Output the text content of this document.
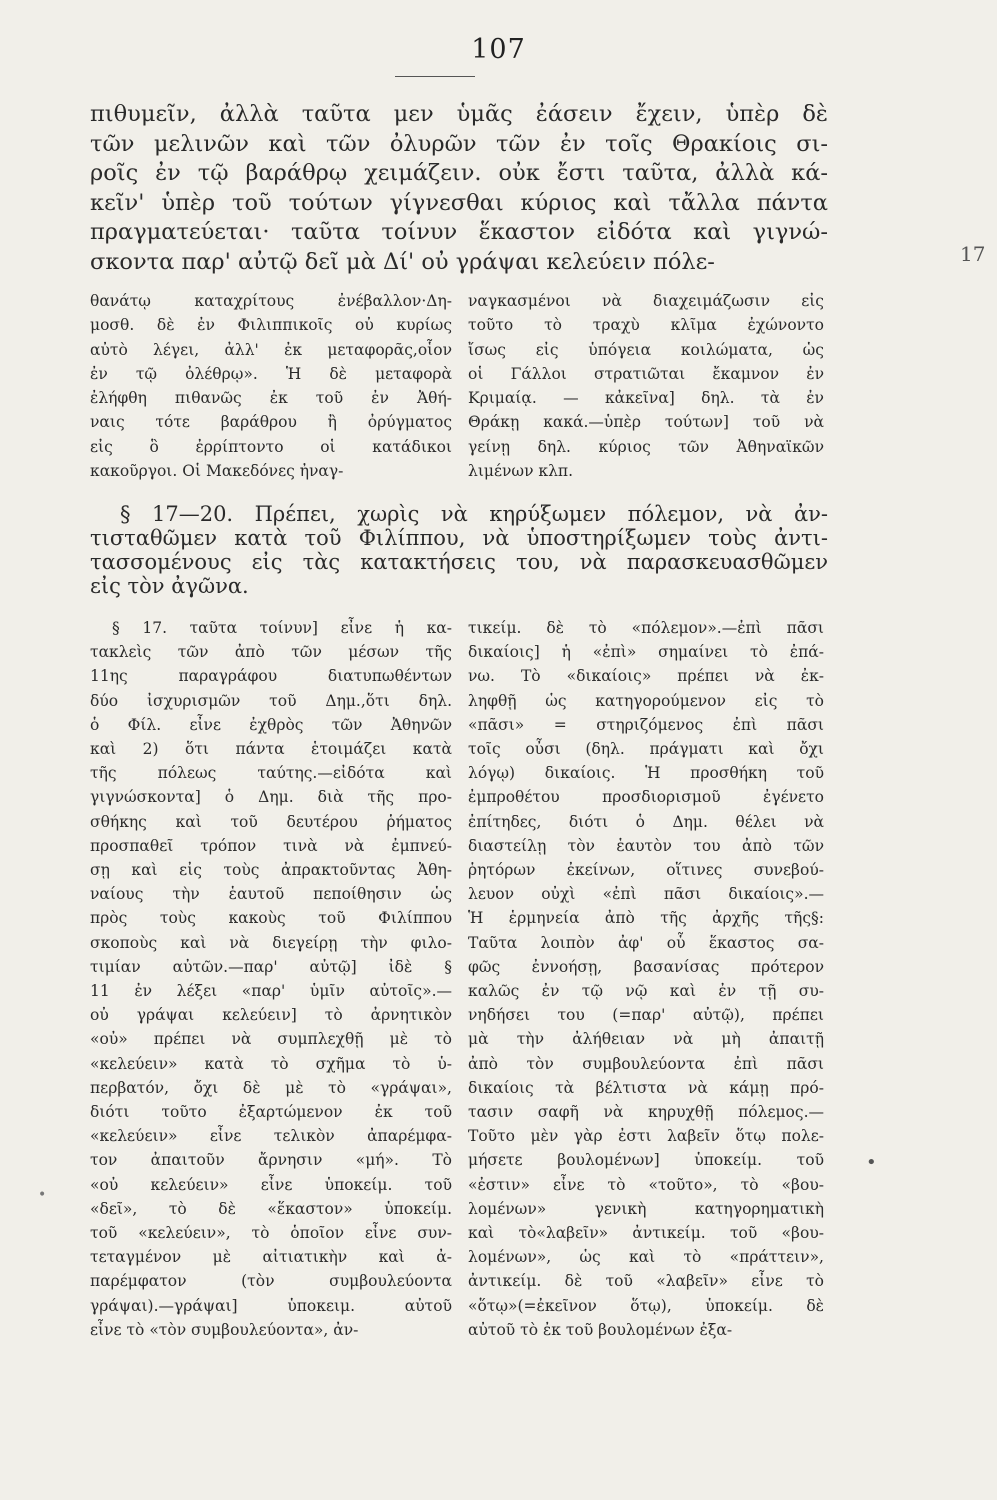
107
17
πιθυμεῖν, ἀλλὰ ταῦτα μεν ὑμᾶς ἐάσειν ἔχειν, ὑπὲρ δὲ
τῶν μελινῶν καὶ τῶν ὀλυρῶν τῶν ἐν τοῖς Θρακίοις σι-
ροῖς ἐν τῷ βαράθρῳ χειμάζειν. οὐκ ἔστι ταῦτα, ἀλλὰ κά-
κεῖν' ὑπὲρ τοῦ τούτων γίγνεσθαι κύριος καὶ τἄλλα πάντα
πραγματεύεται· ταῦτα τοίνυν ἕκαστον εἰδότα καὶ γιγνώ-
σκοντα παρ' αὐτῷ δεῖ μὰ Δί' οὐ γράψαι κελεύειν πόλε-
θανάτῳ καταχρίτους ἐνέβαλλον·Δη-
μοσθ. δὲ ἐν Φιλιππικοῖς οὐ κυρίως
αὐτὸ λέγει, ἀλλ' ἐκ μεταφορᾶς,οἷον
ἐν τῷ ὀλέθρῳ». Ἡ δὲ μεταφορὰ
ἐλήφθη πιθανῶς ἐκ τοῦ ἐν Ἀθή-
ναις τότε βαράθρου ἢ ὀρύγματος
εἰς ὃ ἐρρίπτοντο οἱ κατάδικοι
κακοῦργοι. Οἱ Μακεδόνες ἠναγ-
ναγκασμένοι νὰ διαχειμάζωσιν εἰς
τοῦτο τὸ τραχὺ κλῖμα ἐχώνοντο
ἴσως εἰς ὑπόγεια κοιλώματα, ὡς
οἱ Γάλλοι στρατιῶται ἔκαμνον ἐν
Κριμαίᾳ. — κἀκεῖνα] δηλ. τὰ ἐν
Θράκῃ κακά.—ὑπὲρ τούτων] τοῦ νὰ
γείνῃ δηλ. κύριος τῶν Ἀθηναϊκῶν
λιμένων κλπ.
§ 17—20. Πρέπει, χωρὶς νὰ κηρύξωμεν πόλεμον, νὰ ἀν-
τισταθῶμεν κατὰ τοῦ Φιλίππου, νὰ ὑποστηρίξωμεν τοὺς ἀντι-
τασσομένους εἰς τὰς κατακτήσεις του, νὰ παρασκευασθῶμεν
εἰς τὸν ἀγῶνα.
§ 17. ταῦτα τοίνυν] εἶνε ἡ κα-
τακλεὶς τῶν ἀπὸ τῶν μέσων τῆς
11ης παραγράφου διατυπωθέντων
δύο ἰσχυρισμῶν τοῦ Δημ.,ὅτι δηλ.
ὁ Φίλ. εἶνε ἐχθρὸς τῶν Ἀθηνῶν
καὶ 2) ὅτι πάντα ἑτοιμάζει κατὰ
τῆς πόλεως ταύτης.—εἰδότα καὶ
γιγνώσκοντα] ὁ Δημ. διὰ τῆς προ-
σθήκης καὶ τοῦ δευτέρου ῥήματος
προσπαθεῖ τρόπον τινὰ νὰ ἐμπνεύ-
σῃ καὶ εἰς τοὺς ἀπρακτοῦντας Ἀθη-
ναίους τὴν ἑαυτοῦ πεποίθησιν ὡς
πρὸς τοὺς κακοὺς τοῦ Φιλίππου
σκοποὺς καὶ νὰ διεγείρῃ τὴν φιλο-
τιμίαν αὐτῶν.—παρ' αὐτῷ] ἰδὲ §
11 ἐν λέξει «παρ' ὑμῖν αὐτοῖς».—
οὐ γράψαι κελεύειν] τὸ ἀρνητικὸν
«οὐ» πρέπει νὰ συμπλεχθῇ μὲ τὸ
«κελεύειν» κατὰ τὸ σχῆμα τὸ ὑ-
περβατόν, ὄχι δὲ μὲ τὸ «γράψαι»,
διότι τοῦτο ἐξαρτώμενον ἐκ τοῦ
«κελεύειν» εἶνε τελικὸν ἀπαρέμφα-
τον ἀπαιτοῦν ἄρνησιν «μή». Τὸ
«οὐ κελεύειν» εἶνε ὑποκείμ. τοῦ
«δεῖ», τὸ δὲ «ἕκαστον» ὑποκείμ.
τοῦ «κελεύειν», τὸ ὁποῖον εἶνε συν-
τεταγμένον μὲ αἰτιατικὴν καὶ ἀ-
παρέμφατον (τὸν συμβουλεύοντα
γράψαι).—γράψαι] ὑποκειμ. αὐτοῦ
εἶνε τὸ «τὸν συμβουλεύοντα», ἀν-
τικείμ. δὲ τὸ «πόλεμον».—ἐπὶ πᾶσι
δικαίοις] ἡ «ἐπὶ» σημαίνει τὸ ἐπά-
νω. Τὸ «δικαίοις» πρέπει νὰ ἐκ-
ληφθῇ ὡς κατηγορούμενον εἰς τὸ
«πᾶσι» = στηριζόμενος ἐπὶ πᾶσι
τοῖς οὖσι (δηλ. πράγματι καὶ ὄχι
λόγῳ) δικαίοις. Ἡ προσθήκη τοῦ
ἐμπροθέτου προσδιορισμοῦ ἐγένετο
ἐπίτηδες, διότι ὁ Δημ. θέλει νὰ
διαστείλῃ τὸν ἑαυτὸν του ἀπὸ τῶν
ῥητόρων ἐκείνων, οἵτινες συνεβού-
λευον οὐχὶ «ἐπὶ πᾶσι δικαίοις».—
Ἡ ἑρμηνεία ἀπὸ τῆς ἀρχῆς τῆς§:
Ταῦτα λοιπὸν ἀφ' οὗ ἕκαστος σα-
φῶς ἐννοήσῃ, βασανίσας πρότερον
καλῶς ἐν τῷ νῷ καὶ ἐν τῇ συ-
νηδήσει του (=παρ' αὐτῷ), πρέπει
μὰ τὴν ἀλήθειαν νὰ μὴ ἀπαιτῇ
ἀπὸ τὸν συμβουλεύοντα ἐπὶ πᾶσι
δικαίοις τὰ βέλτιστα νὰ κάμῃ πρό-
τασιν σαφῆ νὰ κηρυχθῇ πόλεμος.—
Τοῦτο μὲν γὰρ ἐστι λαβεῖν ὅτῳ πολε-
μήσετε βουλομένων] ὑποκείμ. τοῦ
«ἐστιν» εἶνε τὸ «τοῦτο», τὸ «βου-
λομένων» γενικὴ κατηγορηματικὴ
καὶ τὸ«λαβεῖν» ἀντικείμ. τοῦ «βου-
λομένων», ὡς καὶ τὸ «πράττειν»,
ἀντικείμ. δὲ τοῦ «λαβεῖν» εἶνε τὸ
«ὅτῳ»(=ἐκεῖνον ὅτῳ), ὑποκείμ. δὲ
αὐτοῦ τὸ ἐκ τοῦ βουλομένων ἐξα-
•
•
